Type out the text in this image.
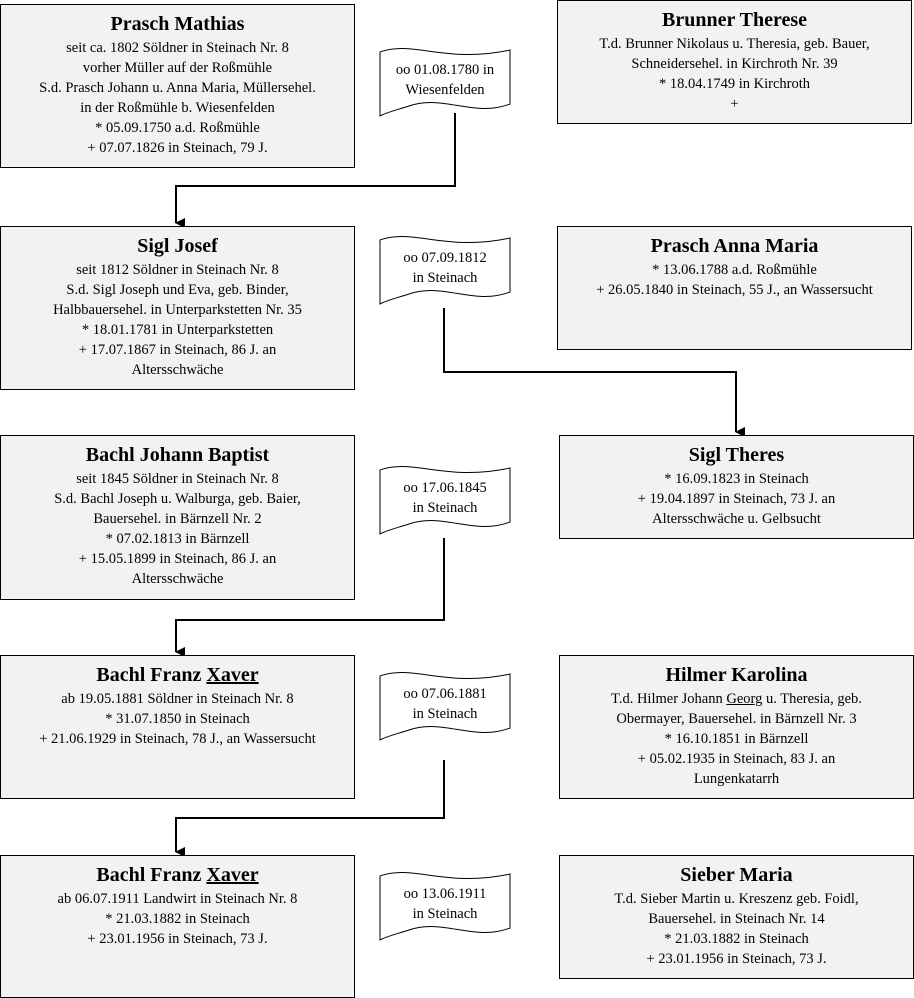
Prasch Mathias
seit ca. 1802 Söldner in Steinach Nr. 8
vorher Müller auf der Roßmühle
S.d. Prasch Johann u. Anna Maria, Müllersehel.
in der Roßmühle b. Wiesenfelden
* 05.09.1750 a.d. Roßmühle
+ 07.07.1826 in Steinach, 79 J.
oo 01.08.1780 in
Wiesenfelden
Brunner Therese
T.d. Brunner Nikolaus u. Theresia, geb. Bauer,
Schneidersehel. in Kirchroth Nr. 39
* 18.04.1749 in Kirchroth
+
Sigl Josef
seit 1812 Söldner in Steinach Nr. 8
S.d. Sigl Joseph und Eva, geb. Binder,
Halbbauersehel. in Unterparkstetten Nr. 35
* 18.01.1781 in Unterparkstetten
+ 17.07.1867 in Steinach, 86 J. an
Altersschwäche
oo 07.09.1812
in Steinach
Prasch Anna Maria
* 13.06.1788 a.d. Roßmühle
+ 26.05.1840 in Steinach, 55 J., an Wassersucht
Bachl Johann Baptist
seit 1845 Söldner in Steinach Nr. 8
S.d. Bachl Joseph u. Walburga, geb. Baier,
Bauersehel. in Bärnzell Nr. 2
* 07.02.1813 in Bärnzell
+ 15.05.1899 in Steinach, 86 J. an
Altersschwäche
oo 17.06.1845
in Steinach
Sigl Theres
* 16.09.1823 in Steinach
+ 19.04.1897 in Steinach, 73 J. an
Altersschwäche u. Gelbsucht
Bachl Franz Xaver
ab 19.05.1881 Söldner in Steinach Nr. 8
* 31.07.1850 in Steinach
+ 21.06.1929 in Steinach, 78 J., an Wassersucht
oo 07.06.1881
in Steinach
Hilmer Karolina
T.d. Hilmer Johann Georg u. Theresia, geb.
Obermayer, Bauersehel. in Bärnzell Nr. 3
* 16.10.1851 in Bärnzell
+ 05.02.1935 in Steinach, 83 J. an
Lungenkatarrh
Bachl Franz Xaver
ab 06.07.1911 Landwirt in Steinach Nr. 8
* 21.03.1882 in Steinach
+ 23.01.1956 in Steinach, 73 J.
oo 13.06.1911
in Steinach
Sieber Maria
T.d. Sieber Martin u. Kreszenz geb. Foidl,
Bauersehel. in Steinach Nr. 14
* 21.03.1882 in Steinach
+ 23.01.1956 in Steinach, 73 J.
